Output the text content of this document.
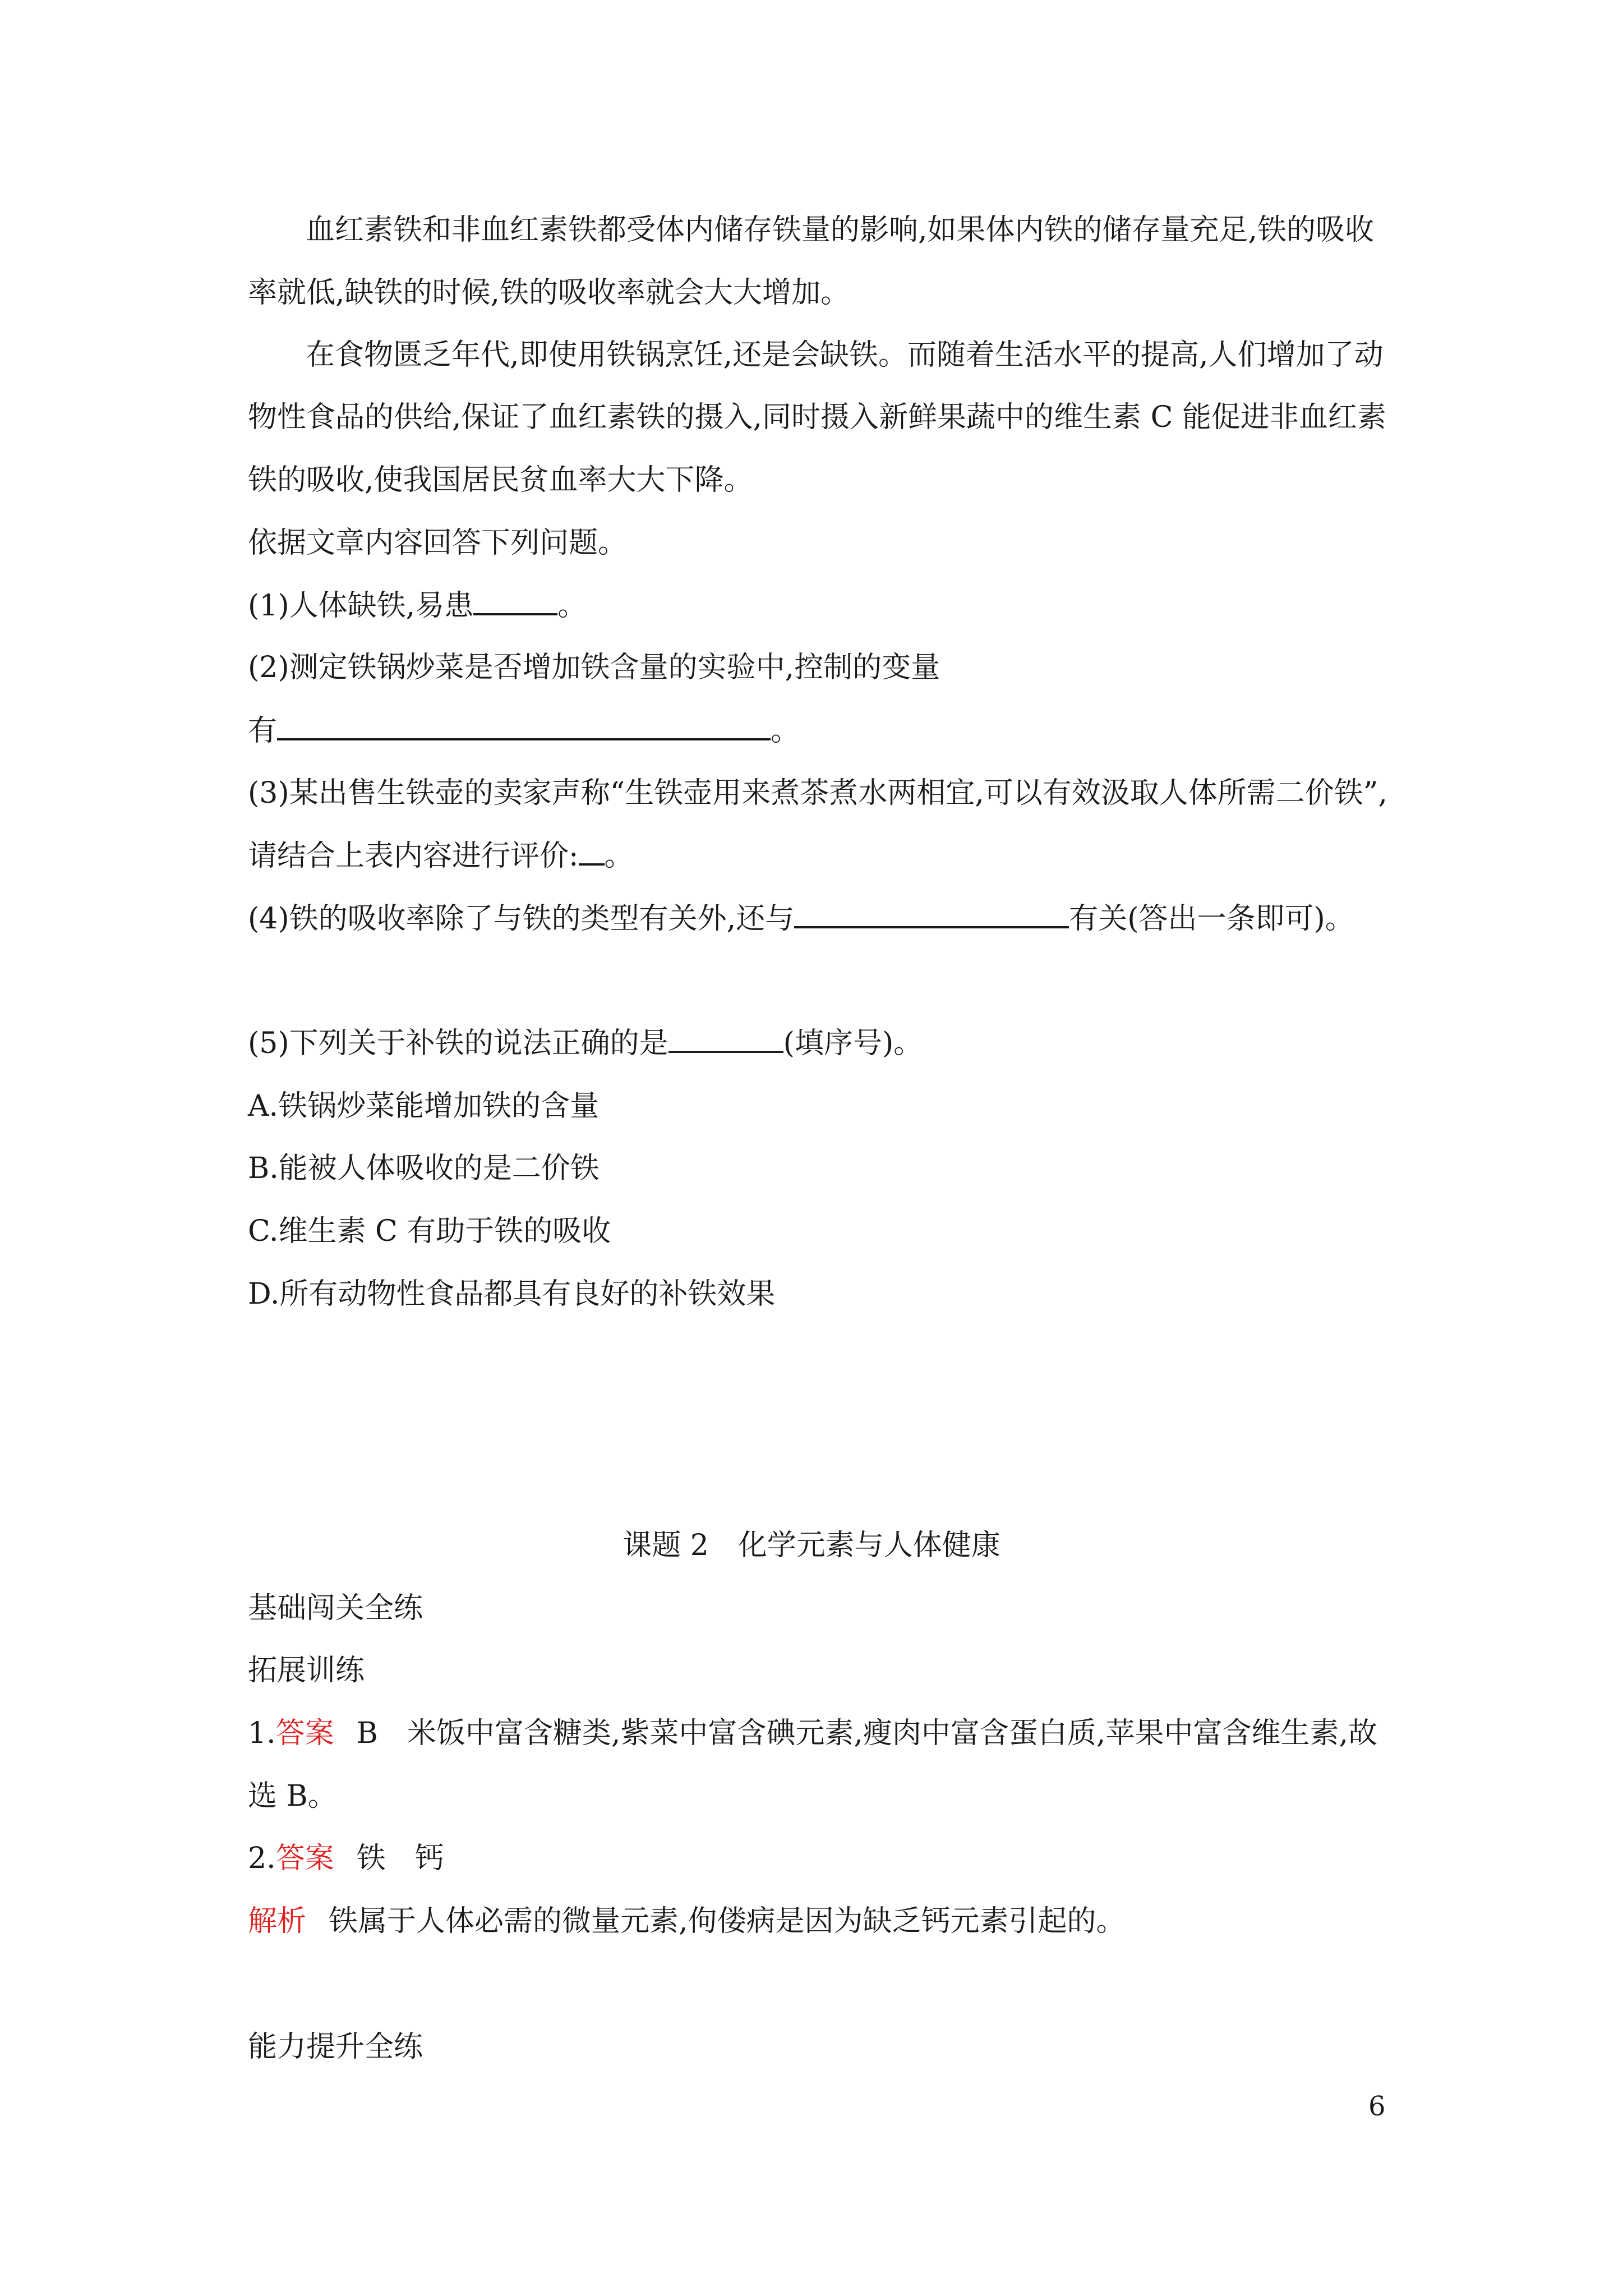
血红素铁和非血红素铁都受体内储存铁量的影响,如果体内铁的储存量充足,铁的吸收
率就低,缺铁的时候,铁的吸收率就会大大增加。
在食物匮乏年代,即使用铁锅烹饪,还是会缺铁。而随着生活水平的提高,人们增加了动
物性食品的供给,保证了血红素铁的摄入,同时摄入新鲜果蔬中的维生素 C 能促进非血红素
铁的吸收,使我国居民贫血率大大下降。
依据文章内容回答下列问题。
(1)人体缺铁,易患	。
(2)测定铁锅炒菜是否增加铁含量的实验中,控制的变量
有	。
(3)某出售生铁壶的卖家声称“生铁壶用来煮茶煮水两相宜,可以有效汲取人体所需二价铁”,
请结合上表内容进行评价: 。
(4)铁的吸收率除了与铁的类型有关外,还与	有关(答出一条即可)。
(5)下列关于补铁的说法正确的是	(填序号)。
A.铁锅炒菜能增加铁的含量
B.能被人体吸收的是二价铁
C.维生素 C 有助于铁的吸收
D.所有动物性食品都具有良好的补铁效果
课题 2　化学元素与人体健康
基础闯关全练
拓展训练
1.答案 B　米饭中富含糖类,紫菜中富含碘元素,瘦肉中富含蛋白质,苹果中富含维生素,故
选 B。
2.答案 铁　钙
解析 铁属于人体必需的微量元素,佝偻病是因为缺乏钙元素引起的。
能力提升全练
6
